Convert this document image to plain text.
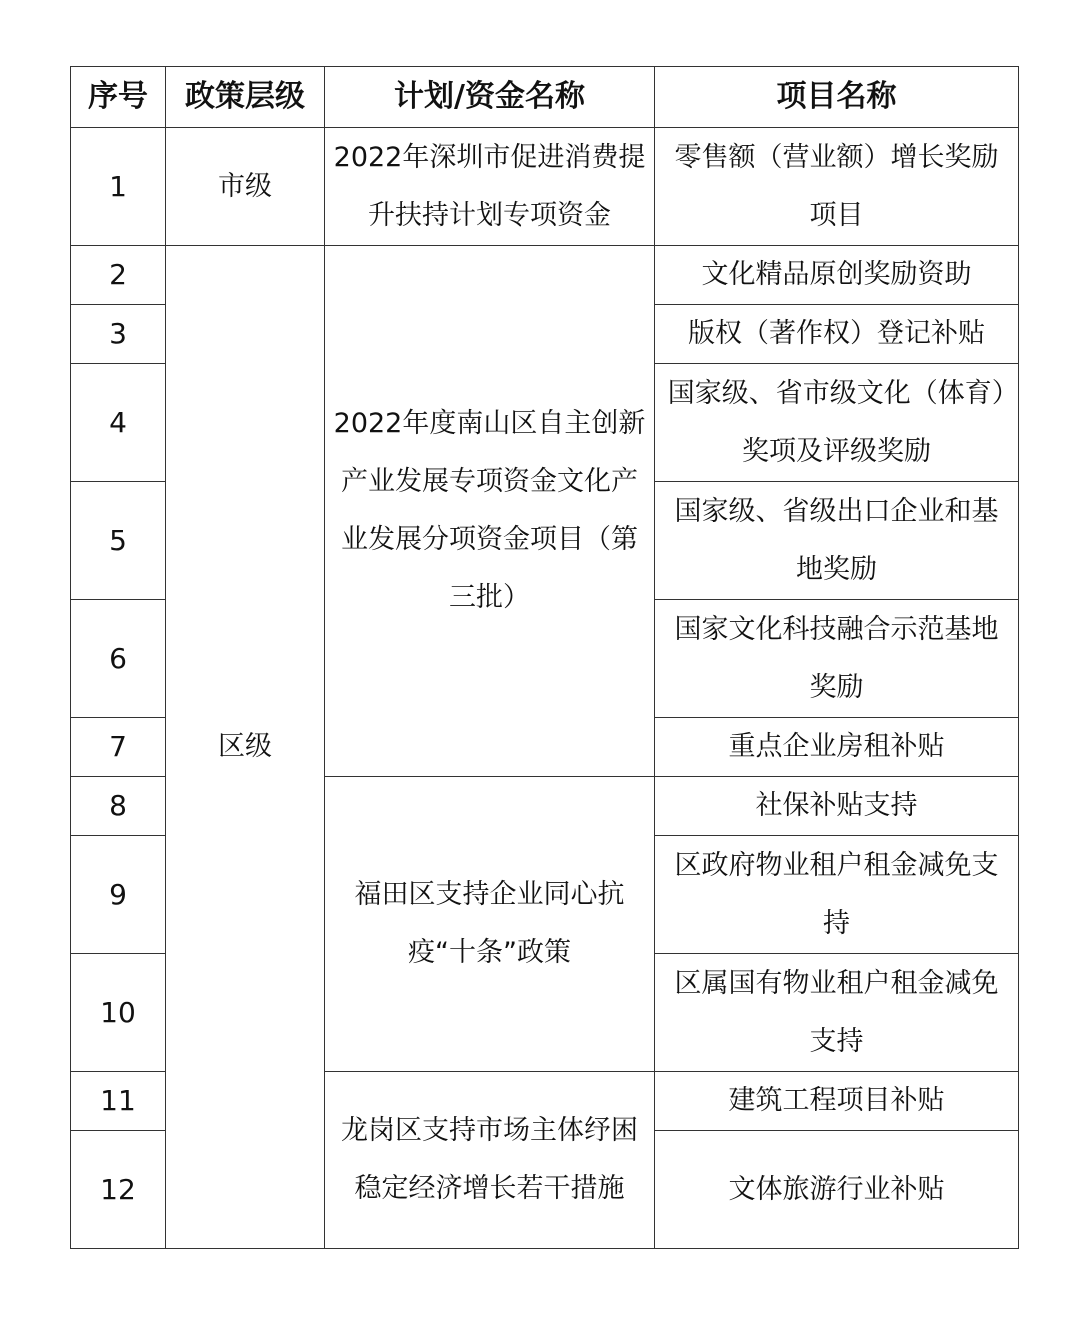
序号	政策层级	计划/资金名称	项目名称
1	市级	2022年深圳市促进消费提升扶持计划专项资金	零售额（营业额）增长奖励项目

2	区级	2022年度南山区自主创新产业发展专项资金文化产业发展分项资金项目（第三批）	文化精品原创奖励资助

3			版权（著作权）登记补贴

4			国家级、省市级文化（体育）奖项及评级奖励

5			国家级、省级出口企业和基地奖励

6			国家文化科技融合示范基地奖励

7			重点企业房租补贴

8		福田区支持企业同心抗疫“十条”政策	社保补贴支持

9			区政府物业租户租金减免支持

10			区属国有物业租户租金减免支持

11		龙岗区支持市场主体纾困稳定经济增长若干措施	建筑工程项目补贴

12			文体旅游行业补贴
